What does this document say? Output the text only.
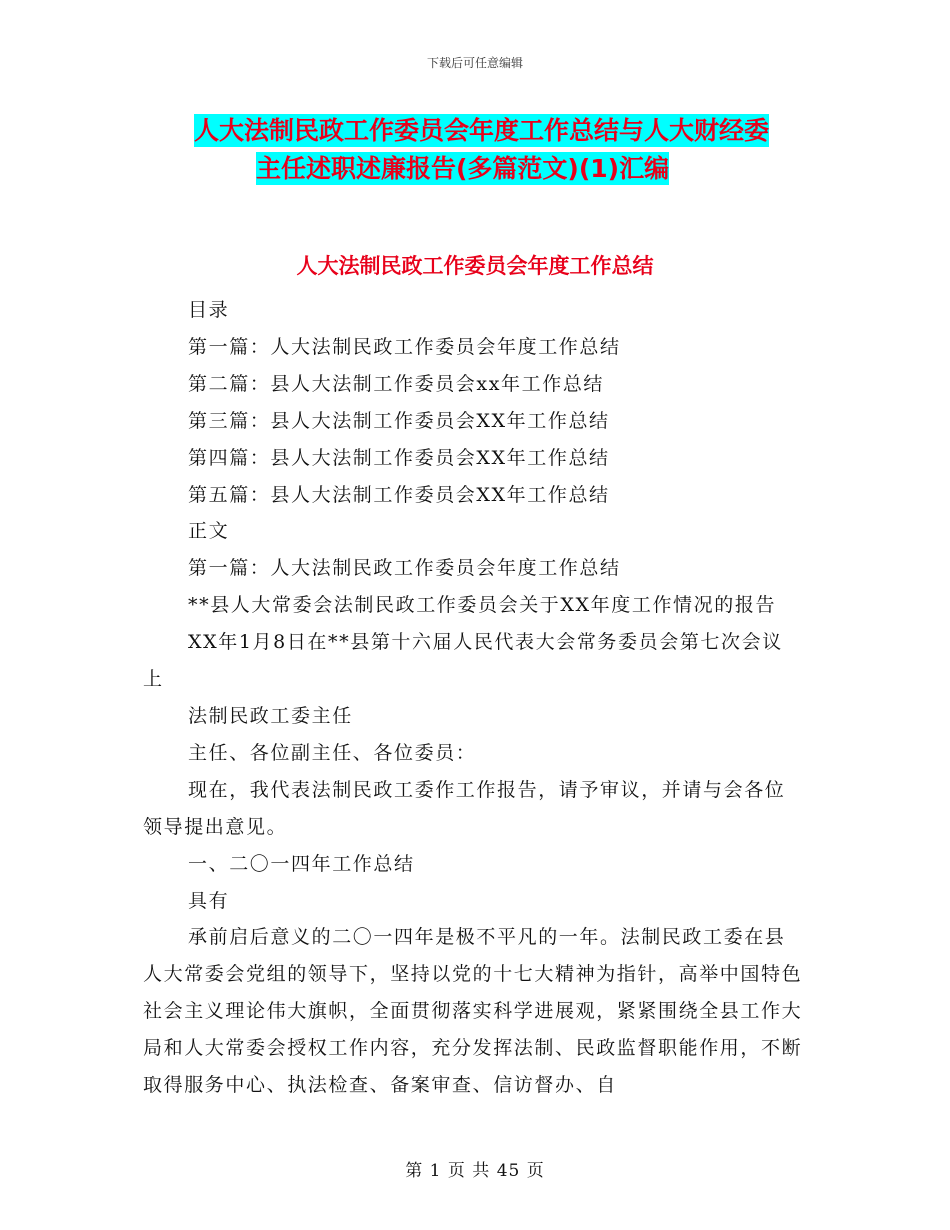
下载后可任意编辑
人大法制民政工作委员会年度工作总结与人大财经委
主任述职述廉报告(多篇范文)(1)汇编
人大法制民政工作委员会年度工作总结

目录

第一篇：人大法制民政工作委员会年度工作总结

第二篇：县人大法制工作委员会xx年工作总结

第三篇：县人大法制工作委员会XX年工作总结

第四篇：县人大法制工作委员会XX年工作总结

第五篇：县人大法制工作委员会XX年工作总结

正文

第一篇：人大法制民政工作委员会年度工作总结

**县人大常委会法制民政工作委员会关于XX年度工作情况的报告

XX年1月8日在**县第十六届人民代表大会常务委员会第七次会议上

法制民政工委主任

主任、各位副主任、各位委员：

现在，我代表法制民政工委作工作报告，请予审议，并请与会各位领导提出意见。

一、二〇一四年工作总结

具有

承前启后意义的二〇一四年是极不平凡的一年。法制民政工委在县人大常委会党组的领导下，坚持以党的十七大精神为指针，高举中国特色社会主义理论伟大旗帜，全面贯彻落实科学进展观，紧紧围绕全县工作大局和人大常委会授权工作内容，充分发挥法制、民政监督职能作用，不断取得服务中心、执法检查、备案审查、信访督办、自

第 1 页 共 45 页
